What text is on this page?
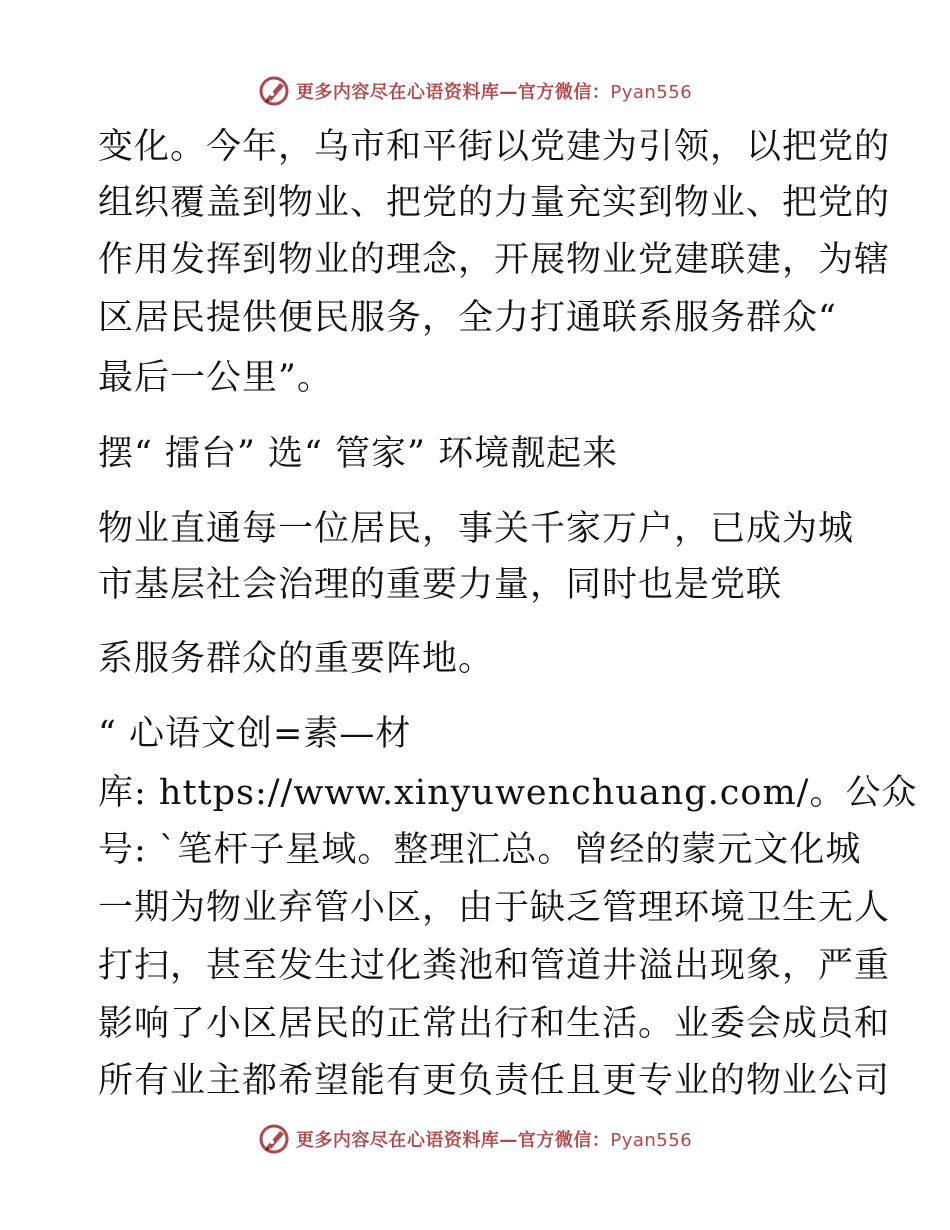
更多内容尽在心语资料库—官方微信：Pyan556
变化。今年，乌市和平街以党建为引领，以把党的
组织覆盖到物业、把党的力量充实到物业、把党的
作用发挥到物业的理念，开展物业党建联建，为辖
区居民提供便民服务，全力打通联系服务群众“
最后一公里”。
摆“ 擂台” 选“ 管家” 环境靓起来
物业直通每一位居民，事关千家万户，已成为城
市基层社会治理的重要力量，同时也是党联
系服务群众的重要阵地。
“ 心语文创=素—材
库: https://www.xinyuwenchuang.com/。公众
号: `笔杆子星域。整理汇总。曾经的蒙元文化城
一期为物业弃管小区，由于缺乏管理环境卫生无人
打扫，甚至发生过化粪池和管道井溢出现象，严重
影响了小区居民的正常出行和生活。业委会成员和
所有业主都希望能有更负责任且更专业的物业公司
更多内容尽在心语资料库—官方微信：Pyan556
